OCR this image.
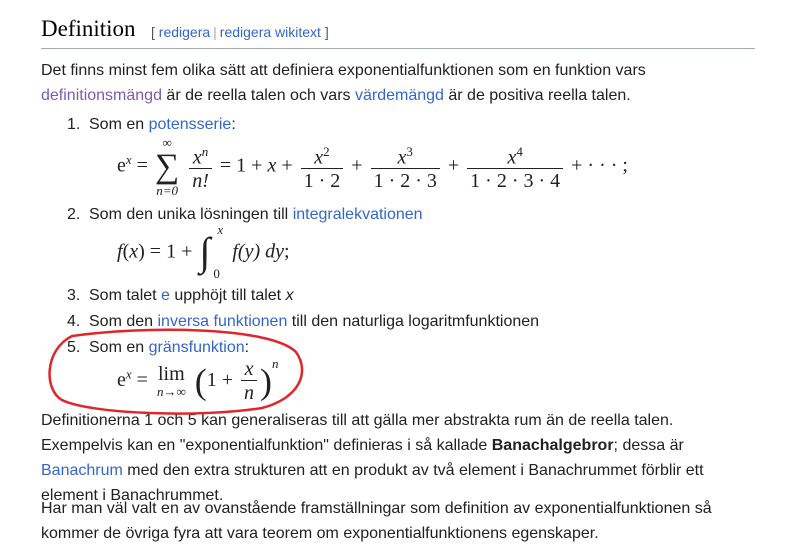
Definition [ redigera | redigera wikitext ]

Det finns minst fem olika sätt att definiera exponentialfunktionen som en funktion vars definitionsmängd är de reella talen och vars värdemängd är de positiva reella talen.

1. Som en potensserie:
$e^x$ =
∞
∑
n=0
$\frac{x^n}{n!} = 1 + x + \frac{x^2}{1 \cdot 2} + \frac{x^3}{1 \cdot 2 \cdot 3} + \frac{x^4}{1 \cdot 2 \cdot 3 \cdot 4}$ + · · · ;
2. Som den unika lösningen till integralekvationen
f(x) = 1 + ∫ x
0
f(y) dy;
3. Som talet e upphöjt till talet x
4. Som den inversa funktionen till den naturliga logaritmfunktionen
5. Som en gränsfunktion:
$e^x = \lim$
n→∞ $(1 + \frac{x}{n} )^n$

Definitionerna 1 och 5 kan generaliseras till att gälla mer abstrakta rum än de reella talen. Exempelvis kan en "exponentialfunktion" definieras i så kallade Banachalgebror; dessa är Banachrum med den extra strukturen att en produkt av två element i Banachrummet förblir ett element i Banachrummet.

Har man väl valt en av ovanstående framställningar som definition av exponentialfunktionen så kommer de övriga fyra att vara teorem om exponentialfunktionens egenskaper.
